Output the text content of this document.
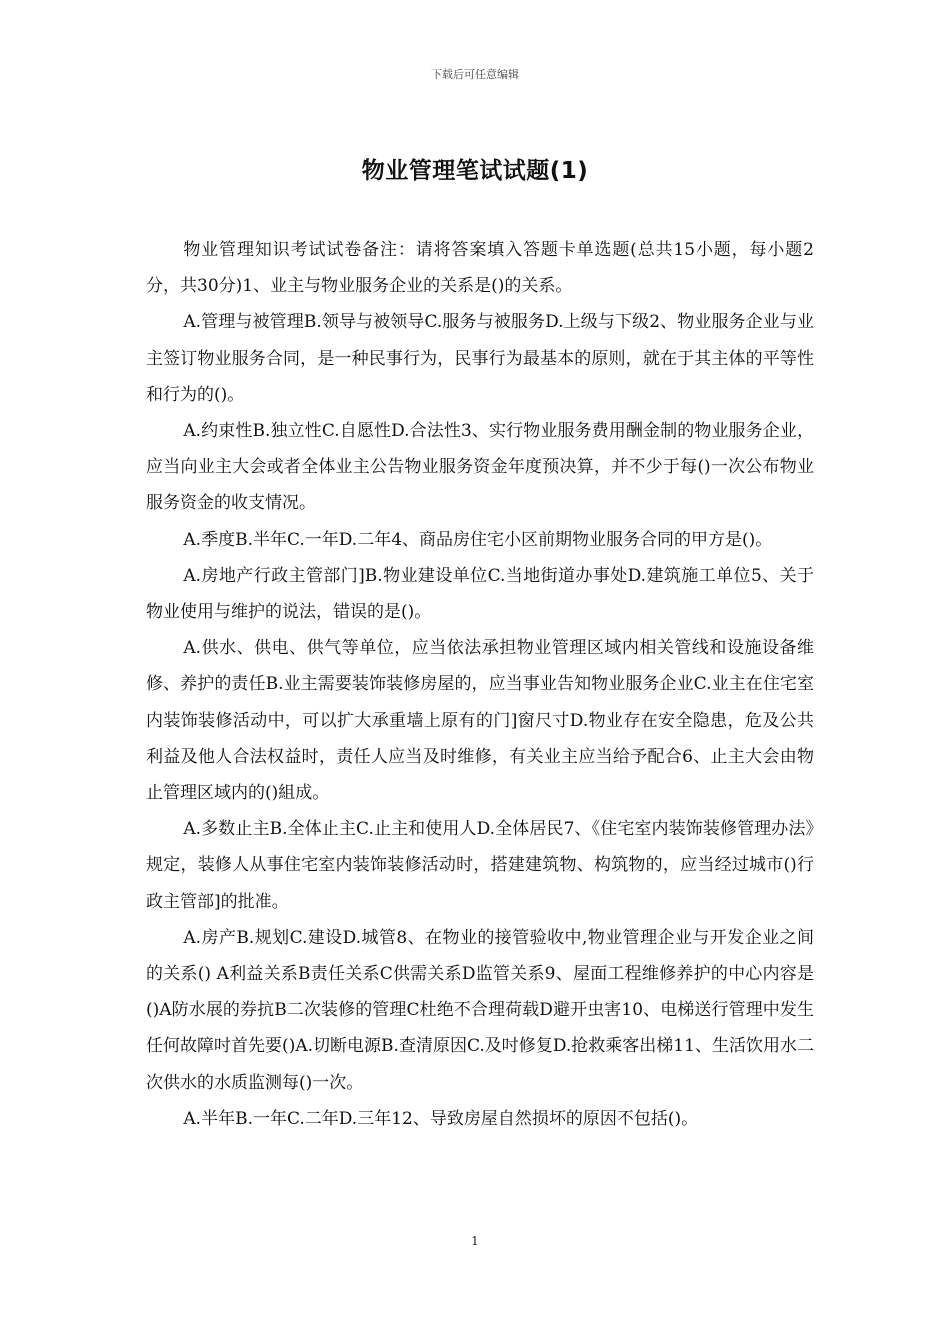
下载后可任意编辑
物业管理笔试试题(1)

物业管理知识考试试卷备注：请将答案填入答题卡单选题(总共15小题，每小题2分，共30分)1、业主与物业服务企业的关系是()的关系。

A.管理与被管理B.领导与被领导C.服务与被服务D.上级与下级2、物业服务企业与业主签订物业服务合同，是一种民事行为，民事行为最基本的原则，就在于其主体的平等性和行为的()。

A.约束性B.独立性C.自愿性D.合法性3、实行物业服务费用酬金制的物业服务企业，应当向业主大会或者全体业主公告物业服务资金年度预决算，并不少于每()一次公布物业服务资金的收支情况。

A.季度B.半年C.一年D.二年4、商品房住宅小区前期物业服务合同的甲方是()。

A.房地产行政主管部门]B.物业建设单位C.当地街道办事处D.建筑施工单位5、关于物业使用与维护的说法，错误的是()。

A.供水、供电、供气等单位，应当依法承担物业管理区域内相关管线和设施设备维修、养护的责任B.业主需要装饰装修房屋的，应当事业告知物业服务企业C.业主在住宅室内装饰装修活动中，可以扩大承重墙上原有的门]窗尺寸D.物业存在安全隐患，危及公共利益及他人合法权益时，责任人应当及时维修，有关业主应当给予配合6、止主大会由物止管理区域内的()組成。

A.多数止主B.全体止主C.止主和使用人D.全体居民7、《住宅室内装饰装修管理办法》规定，装修人从事住宅室内装饰装修活动时，搭建建筑物、构筑物的，应当经过城市()行政主管部]的批准。

A.房产B.规划C.建设D.城管8、在物业的接管验收中,物业管理企业与开发企业之间的关系() A利益关系B责任关系C供需关系D监管关系9、屋面工程维修养护的中心内容是()A防水展的券抗B二次装修的管理C杜绝不合理荷载D避开虫害10、电梯送行管理中发生任何故障吋首先要()A.切断电源B.查清原因C.及吋修复D.抢救乘客出梯11、生活饮用水二次供水的水质监测每()一次。

A.半年B.一年C.二年D.三年12、导致房屋自然损坏的原因不包括()。

1
